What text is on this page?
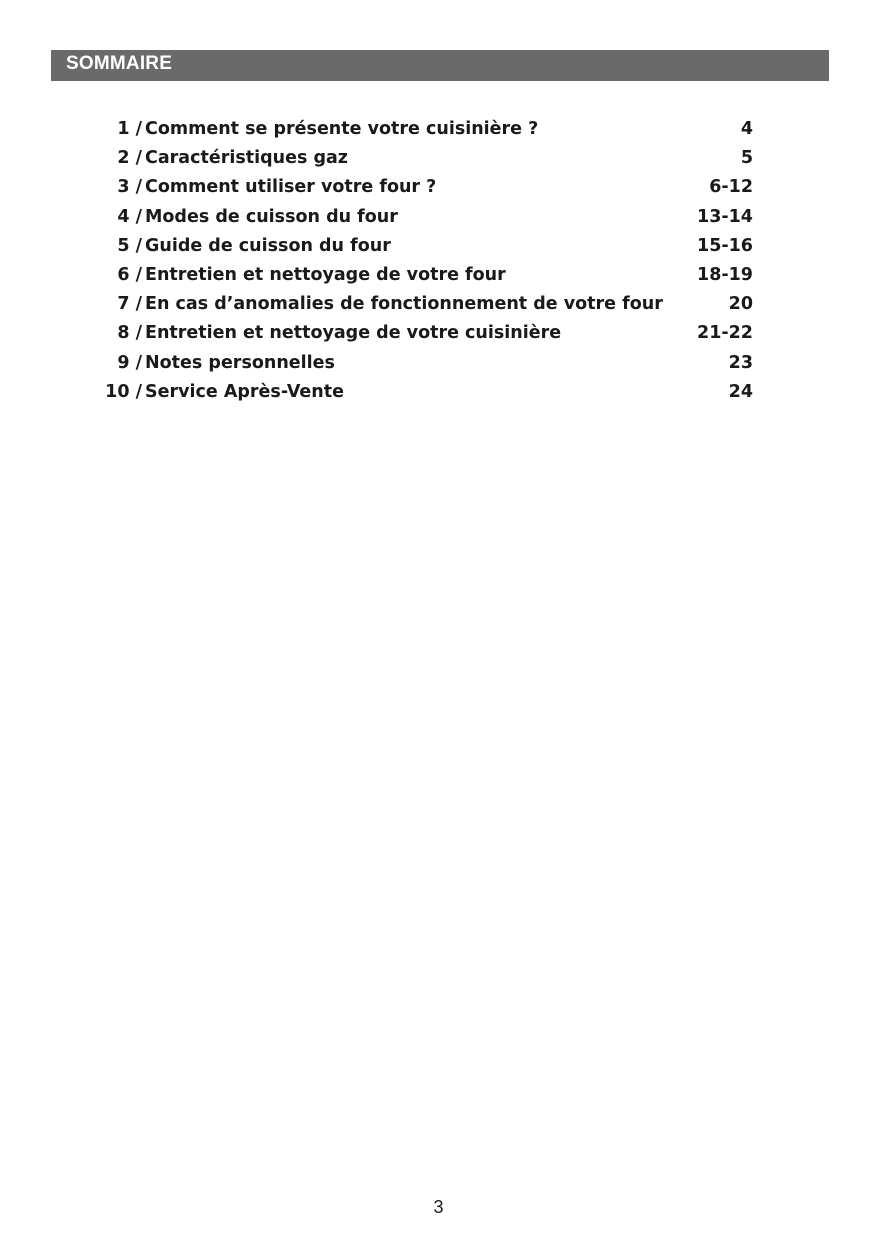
SOMMAIRE
1 / Comment se présente votre cuisinière ?	4
2 / Caractéristiques gaz	5
3 / Comment utiliser votre four ?	6-12
4 / Modes de cuisson du four	13-14
5 / Guide de cuisson du four	15-16
6 / Entretien et nettoyage de votre four	18-19
7 / En cas d’anomalies de fonctionnement de votre four	20
8 / Entretien et nettoyage de votre cuisinière	21-22
9 / Notes personnelles	23
10 / Service Après-Vente	24
3
